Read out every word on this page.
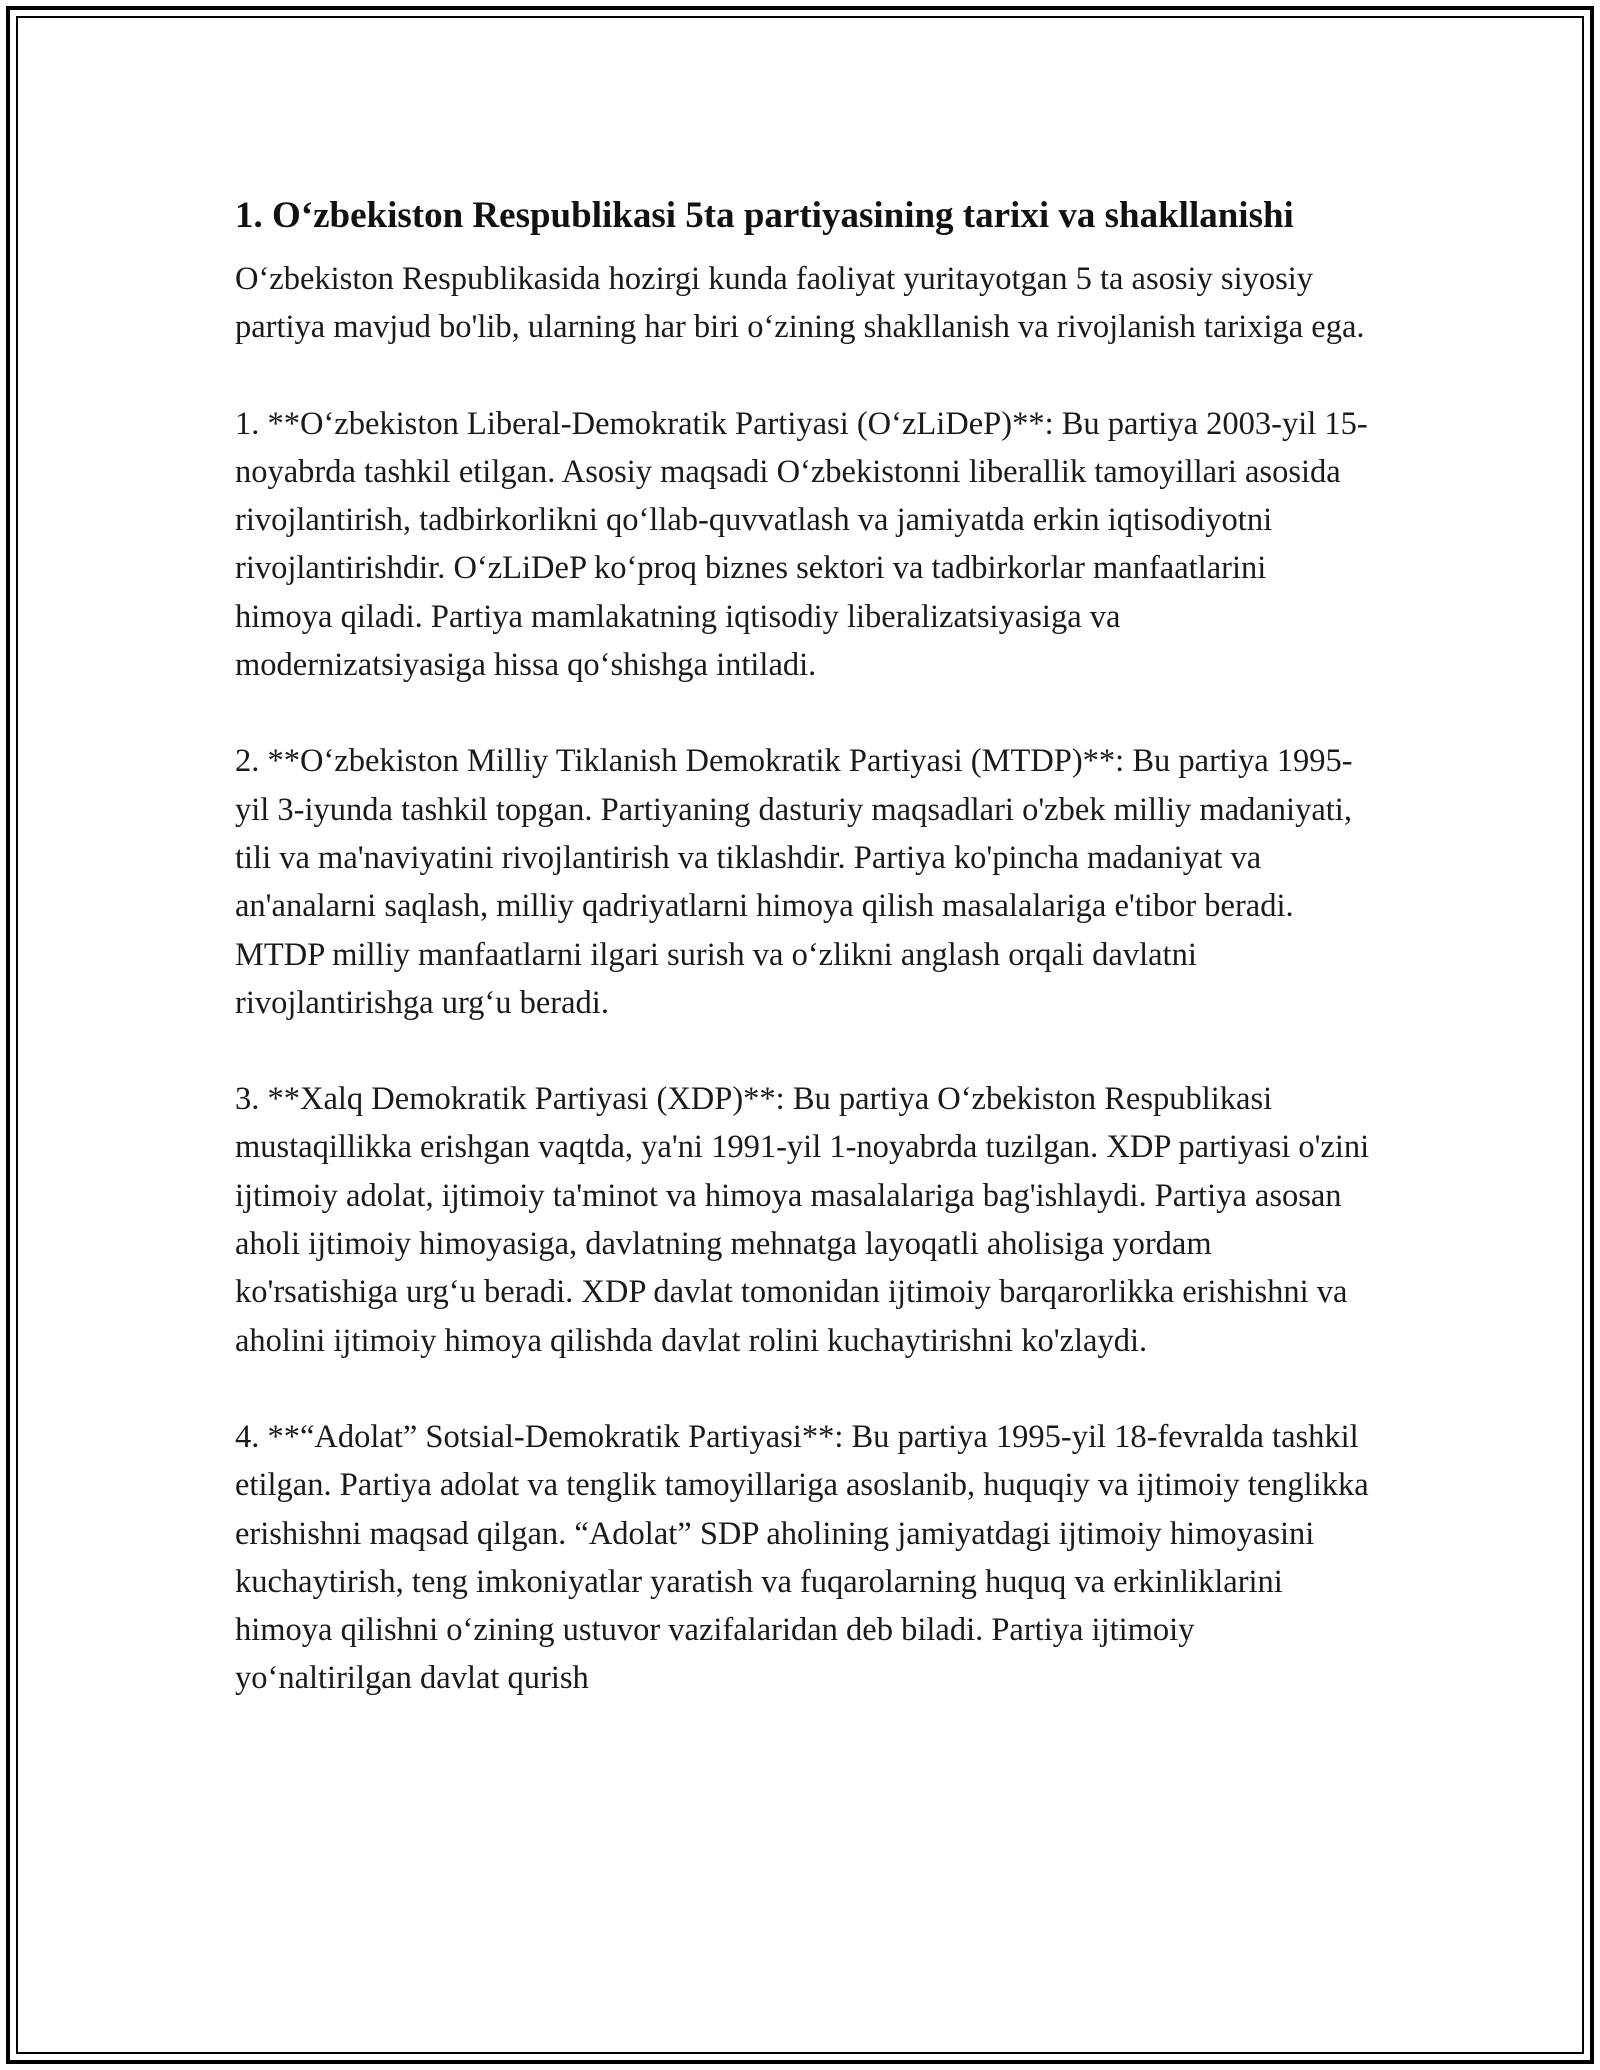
1. O‘zbekiston Respublikasi 5ta partiyasining tarixi va shakllanishi

O‘zbekiston Respublikasida hozirgi kunda faoliyat yuritayotgan 5 ta asosiy siyosiy partiya mavjud bo'lib, ularning har biri o‘zining shakllanish va rivojlanish tarixiga ega.

1. **O‘zbekiston Liberal-Demokratik Partiyasi (O‘zLiDeP)**: Bu partiya 2003-yil 15-noyabrda tashkil etilgan. Asosiy maqsadi O‘zbekistonni liberallik tamoyillari asosida rivojlantirish, tadbirkorlikni qo‘llab-quvvatlash va jamiyatda erkin iqtisodiyotni rivojlantirishdir. O‘zLiDeP ko‘proq biznes sektori va tadbirkorlar manfaatlarini himoya qiladi. Partiya mamlakatning iqtisodiy liberalizatsiyasiga va modernizatsiyasiga hissa qo‘shishga intiladi.

2. **O‘zbekiston Milliy Tiklanish Demokratik Partiyasi (MTDP)**: Bu partiya 1995-yil 3-iyunda tashkil topgan. Partiyaning dasturiy maqsadlari o'zbek milliy madaniyati, tili va ma'naviyatini rivojlantirish va tiklashdir. Partiya ko'pincha madaniyat va an'analarni saqlash, milliy qadriyatlarni himoya qilish masalalariga e'tibor beradi. MTDP milliy manfaatlarni ilgari surish va o‘zlikni anglash orqali davlatni rivojlantirishga urg‘u beradi.

3. **Xalq Demokratik Partiyasi (XDP)**: Bu partiya O‘zbekiston Respublikasi mustaqillikka erishgan vaqtda, ya'ni 1991-yil 1-noyabrda tuzilgan. XDP partiyasi o'zini ijtimoiy adolat, ijtimoiy ta'minot va himoya masalalariga bag'ishlaydi. Partiya asosan aholi ijtimoiy himoyasiga, davlatning mehnatga layoqatli aholisiga yordam ko'rsatishiga urg‘u beradi. XDP davlat tomonidan ijtimoiy barqarorlikka erishishni va aholini ijtimoiy himoya qilishda davlat rolini kuchaytirishni ko'zlaydi.

4. **“Adolat” Sotsial-Demokratik Partiyasi**: Bu partiya 1995-yil 18-fevralda tashkil etilgan. Partiya adolat va tenglik tamoyillariga asoslanib, huquqiy va ijtimoiy tenglikka erishishni maqsad qilgan. “Adolat” SDP aholining jamiyatdagi ijtimoiy himoyasini kuchaytirish, teng imkoniyatlar yaratish va fuqarolarning huquq va erkinliklarini himoya qilishni o‘zining ustuvor vazifalaridan deb biladi. Partiya ijtimoiy yo‘naltirilgan davlat qurish
